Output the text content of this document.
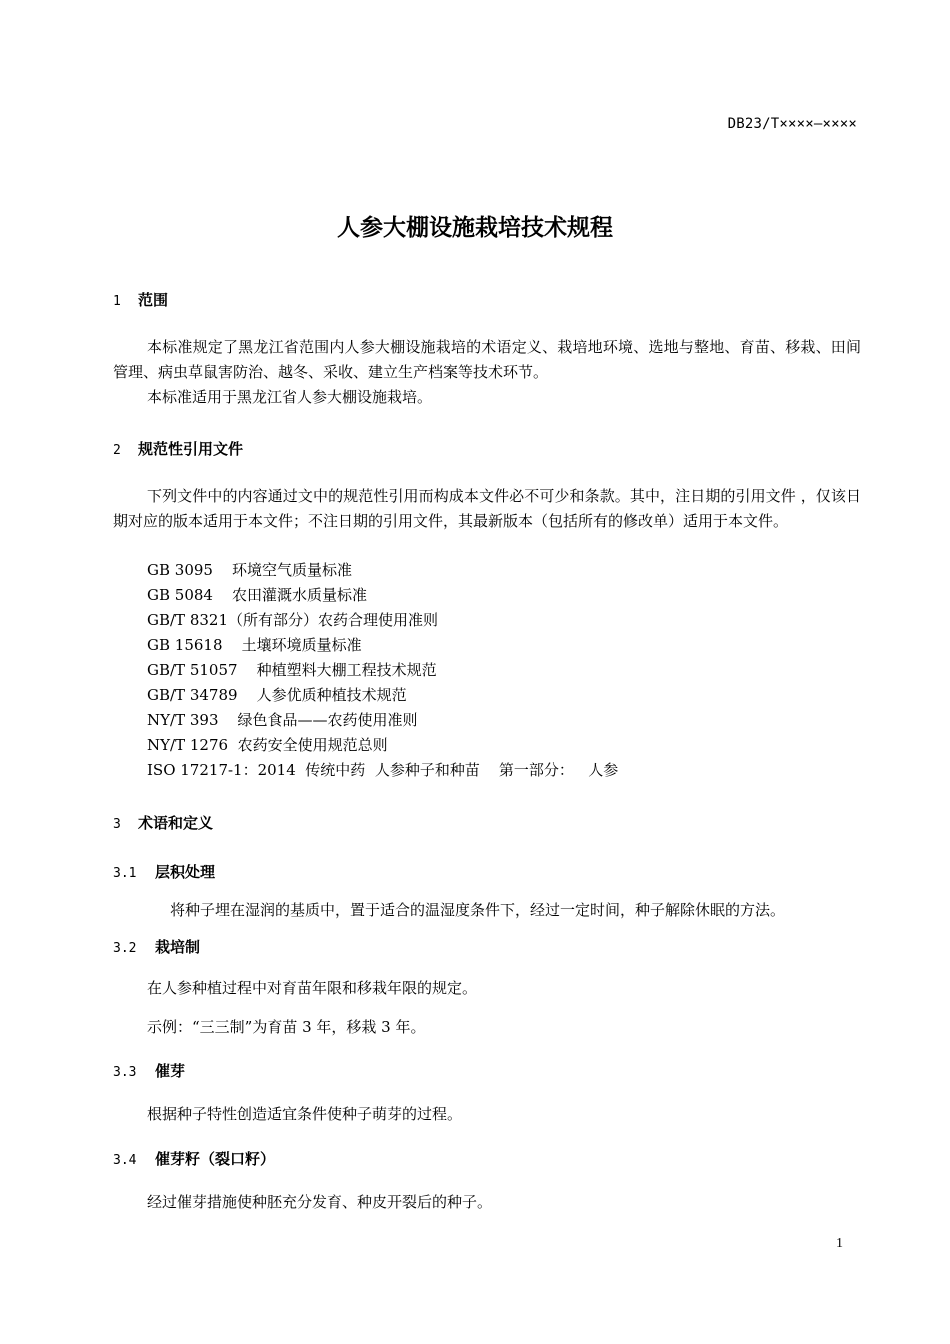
DB23/T××××—××××
人参大棚设施栽培技术规程
1 范围
本标准规定了黑龙江省范围内人参大棚设施栽培的术语定义、栽培地环境、选地与整地、育苗、移栽、田间管理、病虫草鼠害防治、越冬、采收、建立生产档案等技术环节。
本标准适用于黑龙江省人参大棚设施栽培。
2 规范性引用文件
下列文件中的内容通过文中的规范性引用而构成本文件必不可少和条款。其中，注日期的引用文件 ，仅该日期对应的版本适用于本文件；不注日期的引用文件，其最新版本（包括所有的修改单）适用于本文件。
GB 3095    环境空气质量标准
GB 5084    农田灌溉水质量标准
GB/T 8321（所有部分）农药合理使用准则
GB 15618    土壤环境质量标准
GB/T 51057    种植塑料大棚工程技术规范
GB/T 34789    人参优质种植技术规范
NY/T 393    绿色食品——农药使用准则
NY/T 1276  农药安全使用规范总则
ISO 17217-1：2014  传统中药  人参种子和种苗    第一部分：   人参
3 术语和定义
3.1 层积处理
将种子埋在湿润的基质中，置于适合的温湿度条件下，经过一定时间，种子解除休眠的方法。
3.2 栽培制
在人参种植过程中对育苗年限和移栽年限的规定。
示例：“三三制”为育苗 3 年，移栽 3 年。
3.3 催芽
根据种子特性创造适宜条件使种子萌芽的过程。
3.4 催芽籽（裂口籽）
经过催芽措施使种胚充分发育、种皮开裂后的种子。
1
